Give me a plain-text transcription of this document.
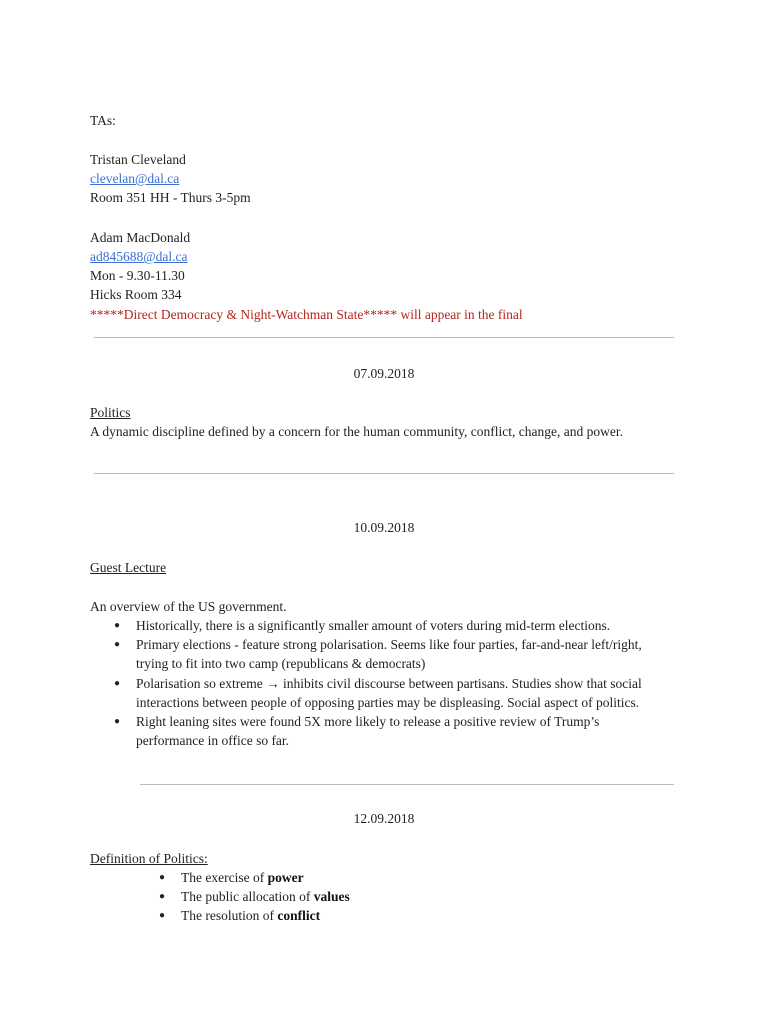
TAs:
Tristan Cleveland
clevelan@dal.ca
Room 351 HH - Thurs 3-5pm
Adam MacDonald
ad845688@dal.ca
Mon - 9.30-11.30
Hicks Room 334
*****Direct Democracy & Night-Watchman State***** will appear in the final
07.09.2018
Politics
A dynamic discipline defined by a concern for the human community, conflict, change, and power.
10.09.2018
Guest Lecture
An overview of the US government.
● Historically, there is a significantly smaller amount of voters during mid-term elections.
● Primary elections - feature strong polarisation. Seems like four parties, far-and-near left/right,
trying to fit into two camp (republicans & democrats)
● Polarisation so extreme → inhibits civil discourse between partisans. Studies show that social
interactions between people of opposing parties may be displeasing. Social aspect of politics.
● Right leaning sites were found 5X more likely to release a positive review of Trump’s
performance in office so far.
12.09.2018
Definition of Politics:
● The exercise of power
● The public allocation of values
● The resolution of conflict
